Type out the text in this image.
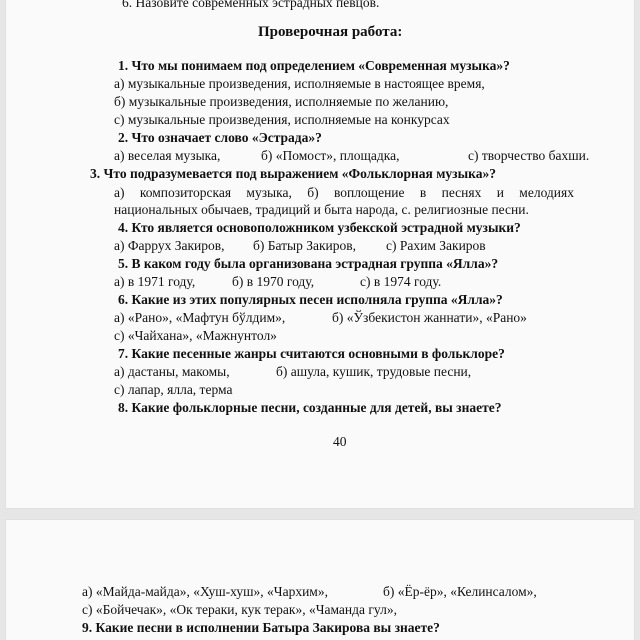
6. Назовите современных эстрадных певцов.
Проверочная работа:
1. Что мы понимаем под определением «Современная музыка»?
а) музыкальные произведения, исполняемые в настоящее время,
б) музыкальные произведения, исполняемые по желанию,
с) музыкальные произведения, исполняемые на конкурсах
2. Что означает слово «Эстрада»?
а) веселая музыка,	б) «Помост», площадка,	с) творчество бахши.
3. Что подразумевается под выражением «Фольклорная музыка»?
а) композиторская музыка, б) воплощение в песнях и мелодиях
национальных обычаев, традиций и быта народа, с. религиозные песни.
4. Кто является основоположником узбекской эстрадной музыки?
а) Фаррух Закиров, б) Батыр Закиров, с) Рахим Закиров
5. В каком году была организована эстрадная группа «Ялла»?
а) в 1971 году,	б) в 1970 году,	с) в 1974 году.
6. Какие из этих популярных песен исполняла группа «Ялла»?
а) «Рано», «Мафтун бўлдим»,	б) «Ўзбекистон жаннати», «Рано»
с) «Чайхана», «Мажнунтол»
7. Какие песенные жанры считаются основными в фольклоре?
а) дастаны, макомы,	б) ашула, кушик, трудовые песни,
с) лапар, ялла, терма
8. Какие фольклорные песни, созданные для детей, вы знаете?
40
а) «Майда-майда», «Хуш-хуш», «Чархим»,	б) «Ёр-ёр», «Келинсалом»,
с) «Бойчечак», «Ок тераки, кук терак», «Чаманда гул»,
9. Какие песни в исполнении Батыра Закирова вы знаете?
